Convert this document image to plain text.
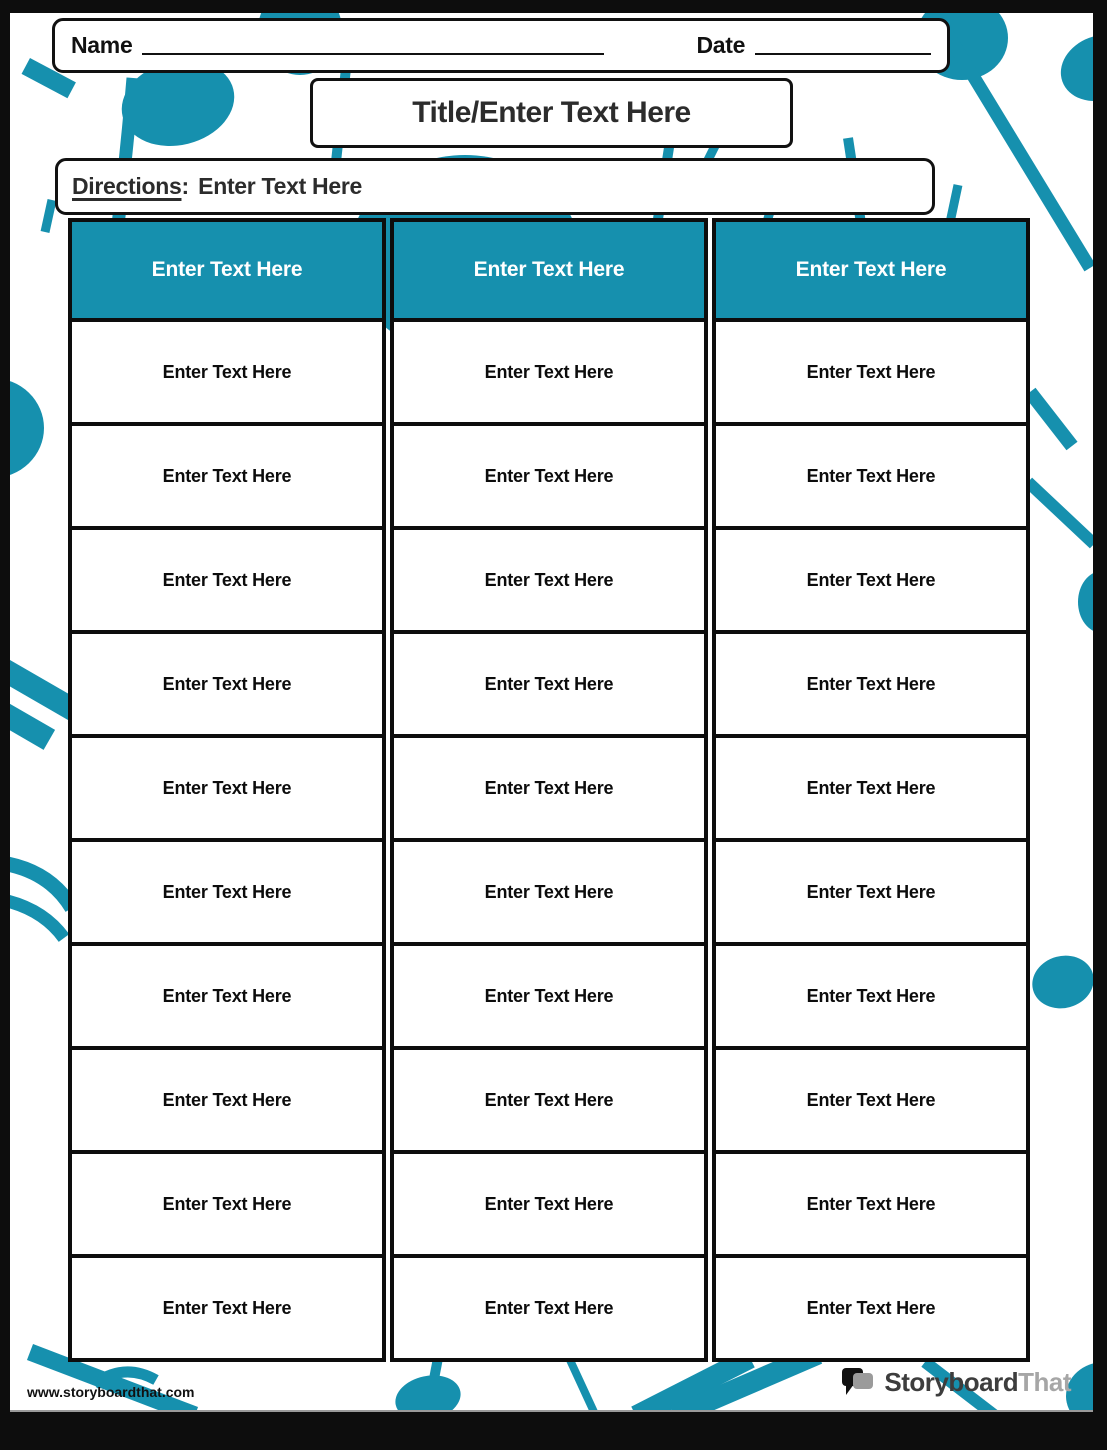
Name	Date
Title/Enter Text Here
Directions : Enter Text Here
Enter Text Here
Enter Text Here
Enter Text Here
Enter Text Here
Enter Text Here
Enter Text Here
Enter Text Here
Enter Text Here
Enter Text Here
Enter Text Here
Enter Text Here
Enter Text Here
Enter Text Here
Enter Text Here
Enter Text Here
Enter Text Here
Enter Text Here
Enter Text Here
Enter Text Here
Enter Text Here
Enter Text Here
Enter Text Here
Enter Text Here
Enter Text Here
Enter Text Here
Enter Text Here
Enter Text Here
Enter Text Here
Enter Text Here
Enter Text Here
Enter Text Here
Enter Text Here
Enter Text Here
www.storyboardthat.com	StoryboardThat
